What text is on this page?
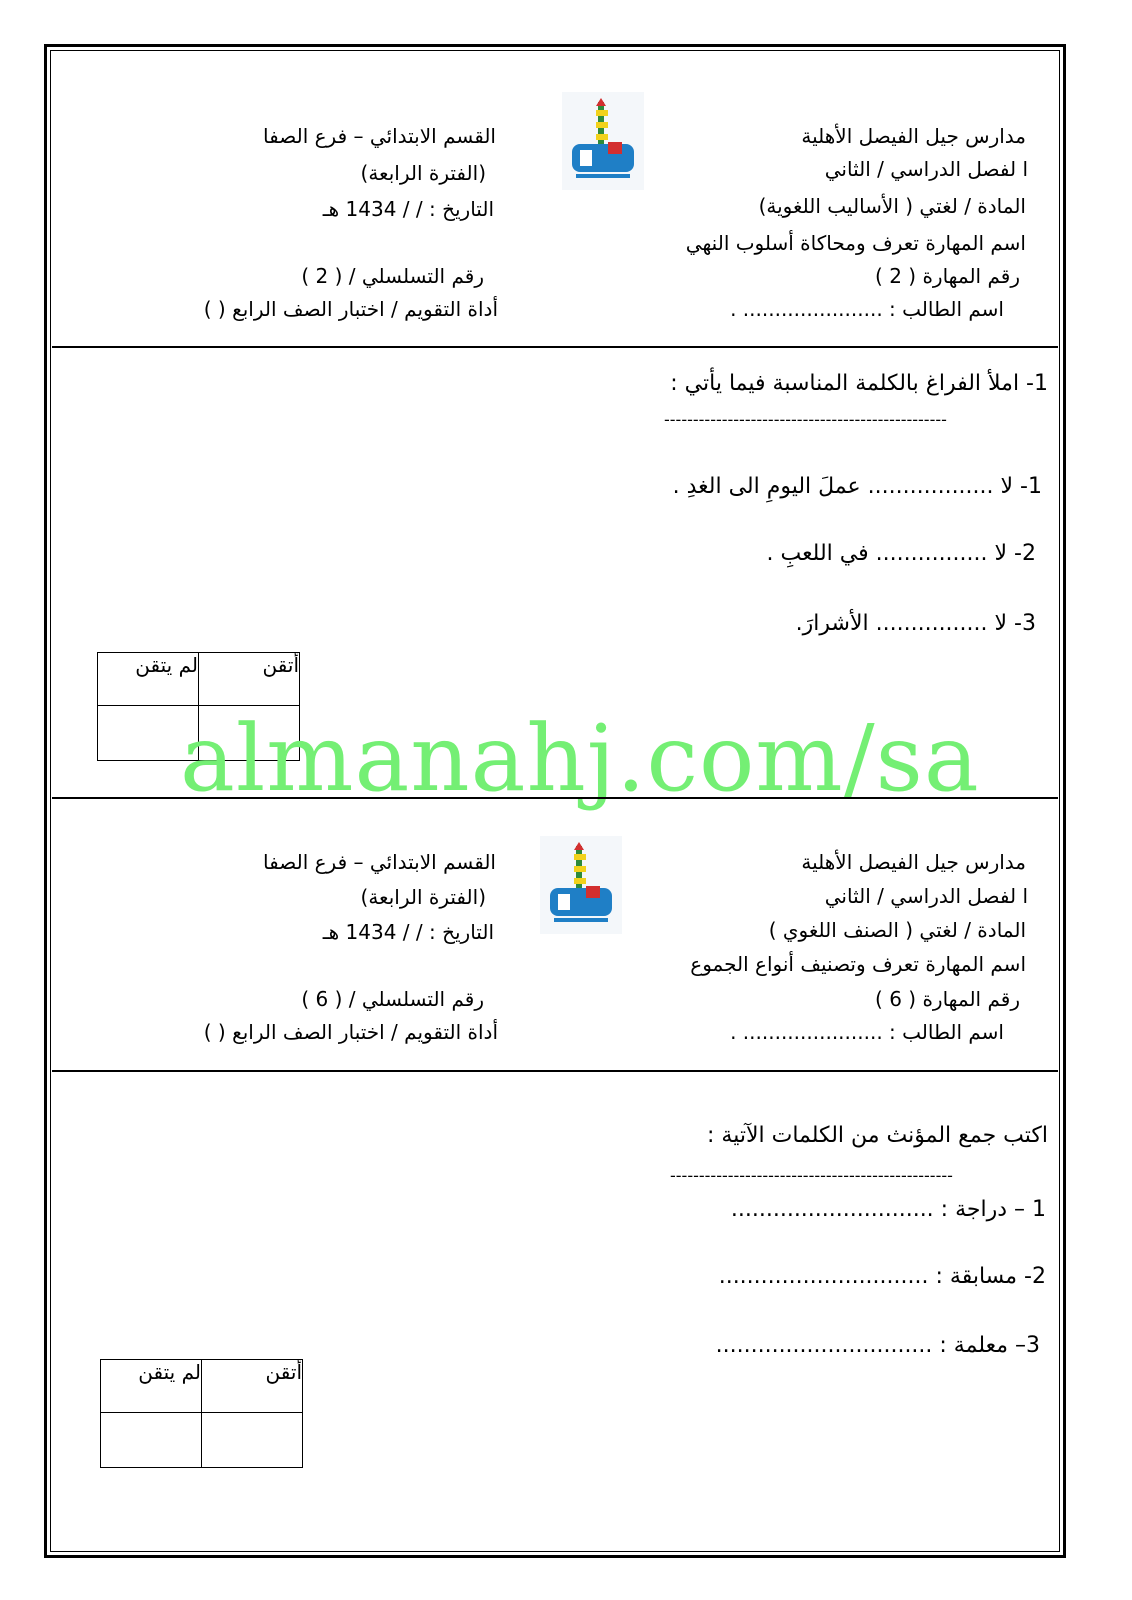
مدارس جيل الفيصل الأهلية
ا لفصل الدراسي / الثاني
المادة / لغتي ( الأساليب اللغوية)
اسم المهارة تعرف ومحاكاة أسلوب النهي
رقم المهارة ( 2 )
اسم الطالب : ...................... .
القسم الابتدائي – فرع الصفا
(الفترة الرابعة)
التاريخ : / / 1434 هـ
رقم التسلسلي / ( 2 )
أداة التقويم / اختبار الصف الرابع ( )
1- املأ الفراغ بالكلمة المناسبة فيما يأتي :
-------------------------------------------------
1- لا .................. عملَ اليومِ الى الغدِ .
2- لا ................ في اللعبِ .
3- لا ................ الأشرارَ.
أتقن	لم يتقن

almanahj.com/sa
مدارس جيل الفيصل الأهلية
ا لفصل الدراسي / الثاني
المادة / لغتي ( الصنف اللغوي )
اسم المهارة تعرف وتصنيف أنواع الجموع
رقم المهارة ( 6 )
اسم الطالب : ...................... .
القسم الابتدائي – فرع الصفا
(الفترة الرابعة)
التاريخ : / / 1434 هـ
رقم التسلسلي / ( 6 )
أداة التقويم / اختبار الصف الرابع ( )
اكتب جمع المؤنث من الكلمات الآتية :
-------------------------------------------------
1 – دراجة : .............................
2- مسابقة : ..............................
3– معلمة : ...............................
أتقن	لم يتقن
